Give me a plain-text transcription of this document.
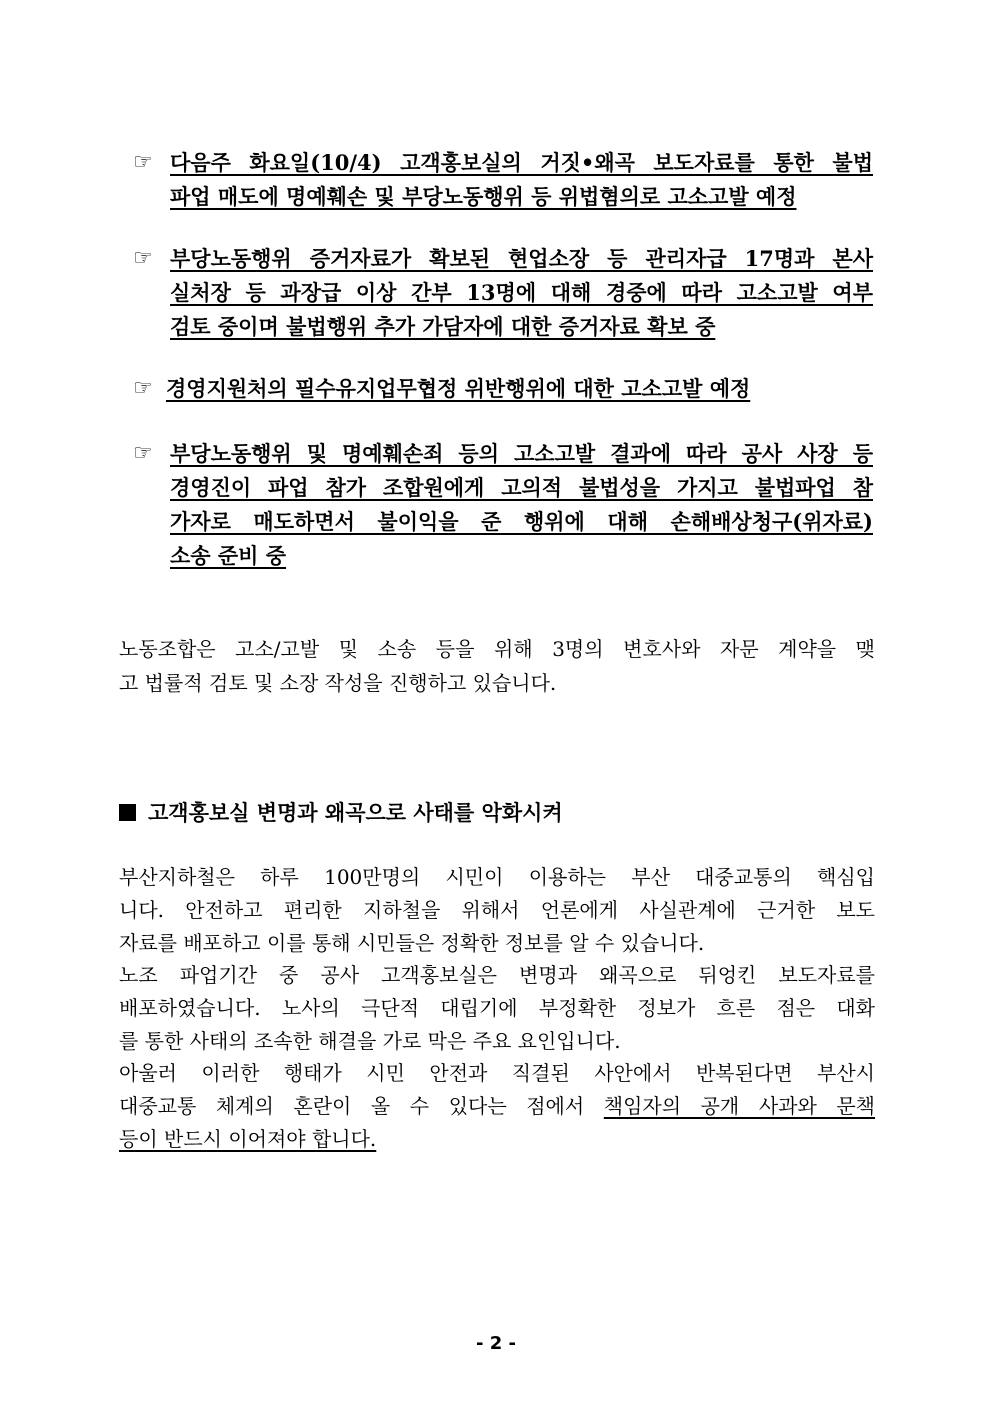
☞ 다음주 화요일(10/4) 고객홍보실의 거짓•왜곡 보도자료를 통한 불법
파업 매도에 명예훼손 및 부당노동행위 등 위법혐의로 고소고발 예정
☞ 부당노동행위 증거자료가 확보된 현업소장 등 관리자급 17명과 본사
실처장 등 과장급 이상 간부 13명에 대해 경중에 따라 고소고발 여부
검토 중이며 불법행위 추가 가담자에 대한 증거자료 확보 중
☞ 경영지원처의 필수유지업무협정 위반행위에 대한 고소고발 예정
☞ 부당노동행위 및 명예훼손죄 등의 고소고발 결과에 따라 공사 사장 등
경영진이 파업 참가 조합원에게 고의적 불법성을 가지고 불법파업 참
가자로 매도하면서 불이익을 준 행위에 대해 손해배상청구(위자료)
소송 준비 중
노동조합은 고소/고발 및 소송 등을 위해 3명의 변호사와 자문 계약을 맺
고 법률적 검토 및 소장 작성을 진행하고 있습니다.
고객홍보실 변명과 왜곡으로 사태를 악화시켜
부산지하철은 하루 100만명의 시민이 이용하는 부산 대중교통의 핵심입
니다. 안전하고 편리한 지하철을 위해서 언론에게 사실관계에 근거한 보도
자료를 배포하고 이를 통해 시민들은 정확한 정보를 알 수 있습니다.
노조 파업기간 중 공사 고객홍보실은 변명과 왜곡으로 뒤엉킨 보도자료를
배포하였습니다. 노사의 극단적 대립기에 부정확한 정보가 흐른 점은 대화
를 통한 사태의 조속한 해결을 가로 막은 주요 요인입니다.
아울러 이러한 행태가 시민 안전과 직결된 사안에서 반복된다면 부산시
대중교통 체계의 혼란이 올 수 있다는 점에서 책임자의 공개 사과와 문책
등이 반드시 이어져야 합니다.
- 2 -
